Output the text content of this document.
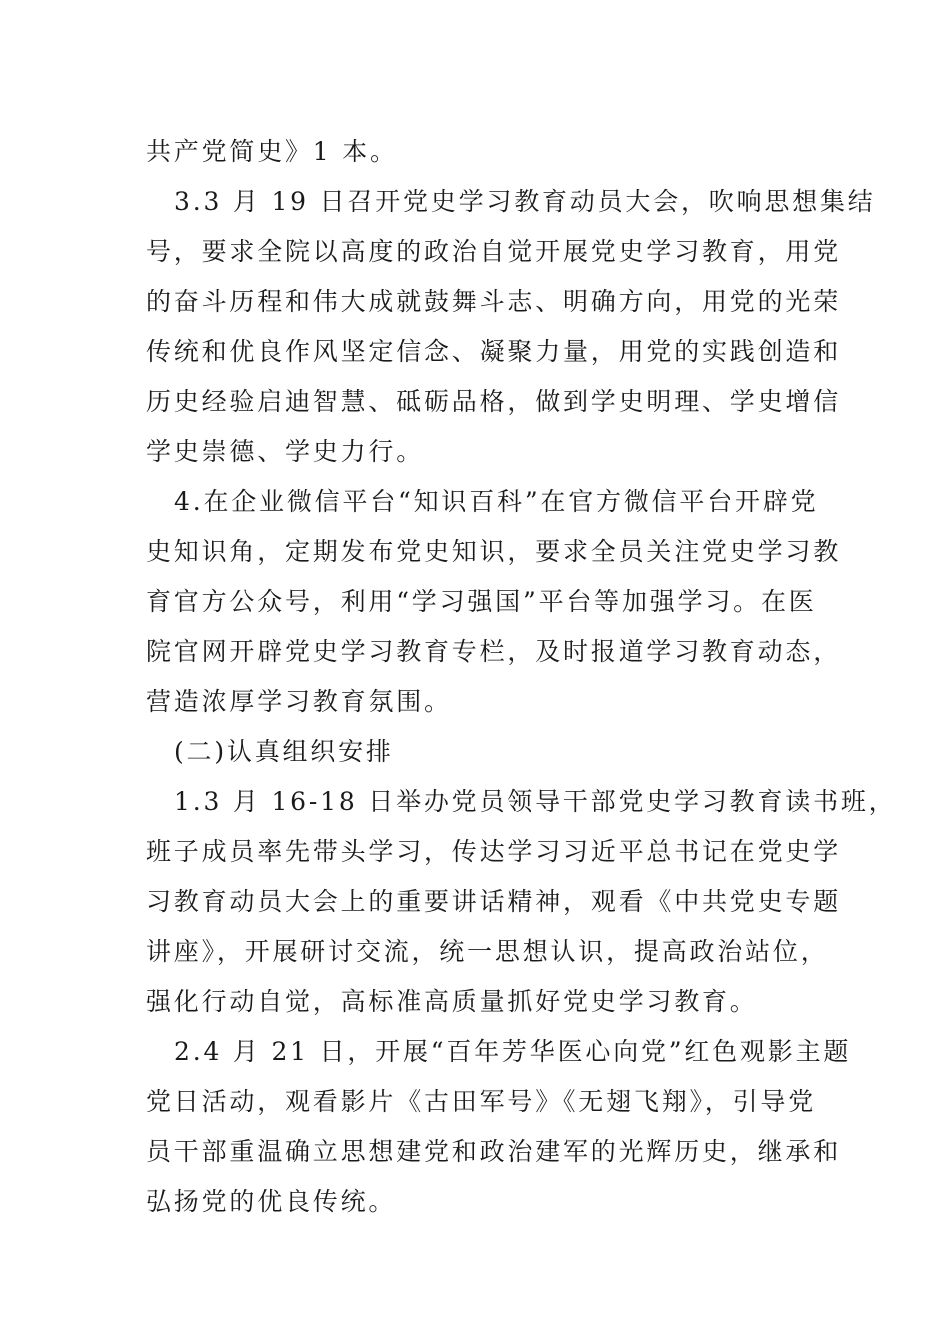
共产党简史》1 本。
3.3 月 19 日召开党史学习教育动员大会，吹响思想集结
号，要求全院以高度的政治自觉开展党史学习教育，用党
的奋斗历程和伟大成就鼓舞斗志、明确方向，用党的光荣
传统和优良作风坚定信念、凝聚力量，用党的实践创造和
历史经验启迪智慧、砥砺品格，做到学史明理、学史增信
学史崇德、学史力行。
4.在企业微信平台“知识百科”在官方微信平台开辟党
史知识角，定期发布党史知识，要求全员关注党史学习教
育官方公众号，利用“学习强国”平台等加强学习。在医
院官网开辟党史学习教育专栏，及时报道学习教育动态，
营造浓厚学习教育氛围。
(二)认真组织安排
1.3 月 16-18 日举办党员领导干部党史学习教育读书班，
班子成员率先带头学习，传达学习习近平总书记在党史学
习教育动员大会上的重要讲话精神，观看《中共党史专题
讲座》，开展研讨交流，统一思想认识，提高政治站位，
强化行动自觉，高标准高质量抓好党史学习教育。
2.4 月 21 日，开展“百年芳华医心向党”红色观影主题
党日活动，观看影片《古田军号》《无翅飞翔》，引导党
员干部重温确立思想建党和政治建军的光辉历史，继承和
弘扬党的优良传统。
